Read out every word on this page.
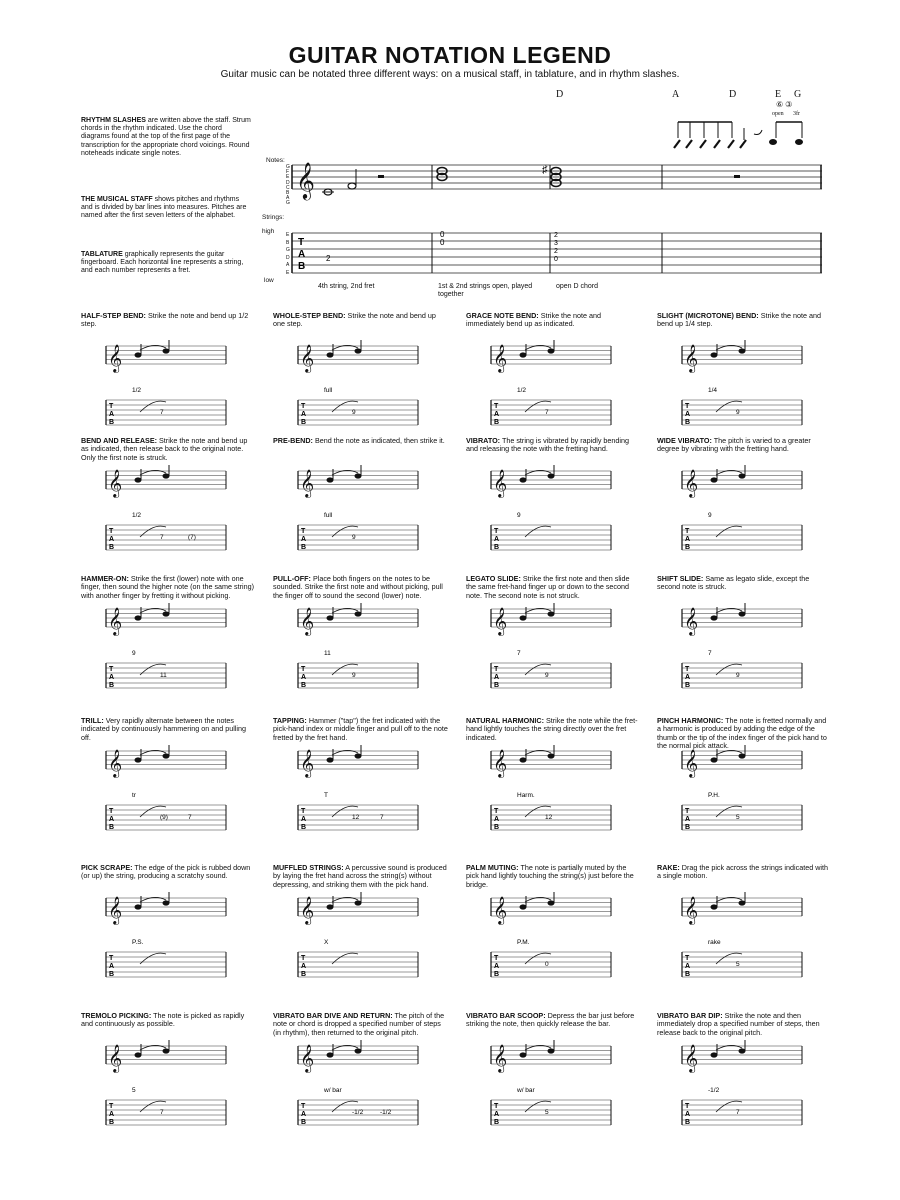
GUITAR NOTATION LEGEND
Guitar music can be notated three different ways: on a musical staff, in tablature, and in rhythm slashes.
D	A	D	E G
⑥ ③
open 3fr
RHYTHM SLASHES are written above the staff. Strum chords in the rhythm indicated. Use the chord diagrams found at the top of the first page of the transcription for the appropriate chord voicings. Round noteheads indicate single notes.
THE MUSICAL STAFF shows pitches and rhythms and is divided by bar lines into measures. Pitches are named after the first seven letters of the alphabet.
TABLATURE graphically represents the guitar fingerboard. Each horizontal line represents a string, and each number represents a fret.
Notes:
Strings:
high
low
G
F
E
D
C
B
A
G
E
B
G
D
A
E
𝄞
T
A
B
♯
2
0
0
2
3
2
0
4th string, 2nd fret	1st & 2nd strings open, played together
open D chord
HALF-STEP BEND: Strike the note and bend up 1/2 step.
𝄞
T
A
B
1/2
7
WHOLE-STEP BEND: Strike the note and bend up one step.
𝄞
T
A
B
full
9
GRACE NOTE BEND: Strike the note and immediately bend up as indicated.
𝄞
T
A
B
1/2
7
SLIGHT (MICROTONE) BEND: Strike the note and bend up 1/4 step.
𝄞
T
A
B
1/4
9
BEND AND RELEASE: Strike the note and bend up as indicated, then release back to the original note. Only the first note is struck.
𝄞
T
A
B
1/2
7	(7)
PRE-BEND: Bend the note as indicated, then strike it.
𝄞
T
A
B
full
9
VIBRATO: The string is vibrated by rapidly bending and releasing the note with the fretting hand.
𝄞
T
A
B
9
WIDE VIBRATO: The pitch is varied to a greater degree by vibrating with the fretting hand.
𝄞
T
A
B
9
HAMMER-ON: Strike the first (lower) note with one finger, then sound the higher note (on the same string) with another finger by fretting it without picking.
𝄞
T
A
B
9
11
PULL-OFF: Place both fingers on the notes to be sounded. Strike the first note and without picking, pull the finger off to sound the second (lower) note.
𝄞
T
A
B
11
9
LEGATO SLIDE: Strike the first note and then slide the same fret-hand finger up or down to the second note. The second note is not struck.
𝄞
T
A
B
7
9
SHIFT SLIDE: Same as legato slide, except the second note is struck.
𝄞
T
A
B
7
9
TRILL: Very rapidly alternate between the notes indicated by continuously hammering on and pulling off.
𝄞
T
A
B
tr
(9)	7
TAPPING: Hammer ("tap") the fret indicated with the pick-hand index or middle finger and pull off to the note fretted by the fret hand.
𝄞
T
A
B
T
12	7
NATURAL HARMONIC: Strike the note while the fret-hand lightly touches the string directly over the fret indicated.
𝄞
T
A
B
Harm.
12
PINCH HARMONIC: The note is fretted normally and a harmonic is produced by adding the edge of the thumb or the tip of the index finger of the pick hand to the normal pick attack.
𝄞
T
A
B
P.H.
5
PICK SCRAPE: The edge of the pick is rubbed down (or up) the string, producing a scratchy sound.
𝄞
T
A
B
P.S.
MUFFLED STRINGS: A percussive sound is produced by laying the fret hand across the string(s) without depressing, and striking them with the pick hand.
𝄞
T
A
B
X
PALM MUTING: The note is partially muted by the pick hand lightly touching the string(s) just before the bridge.
𝄞
T
A
B
P.M.
0
RAKE: Drag the pick across the strings indicated with a single motion.
𝄞
T
A
B
rake
5
TREMOLO PICKING: The note is picked as rapidly and continuously as possible.
𝄞
T
A
B
5
7
VIBRATO BAR DIVE AND RETURN: The pitch of the note or chord is dropped a specified number of steps (in rhythm), then returned to the original pitch.
𝄞
T
A
B
w/ bar
-1/2	-1/2
VIBRATO BAR SCOOP: Depress the bar just before striking the note, then quickly release the bar.
𝄞
T
A
B
w/ bar
5
VIBRATO BAR DIP: Strike the note and then immediately drop a specified number of steps, then release back to the original pitch.
𝄞
T
A
B
-1/2
7
